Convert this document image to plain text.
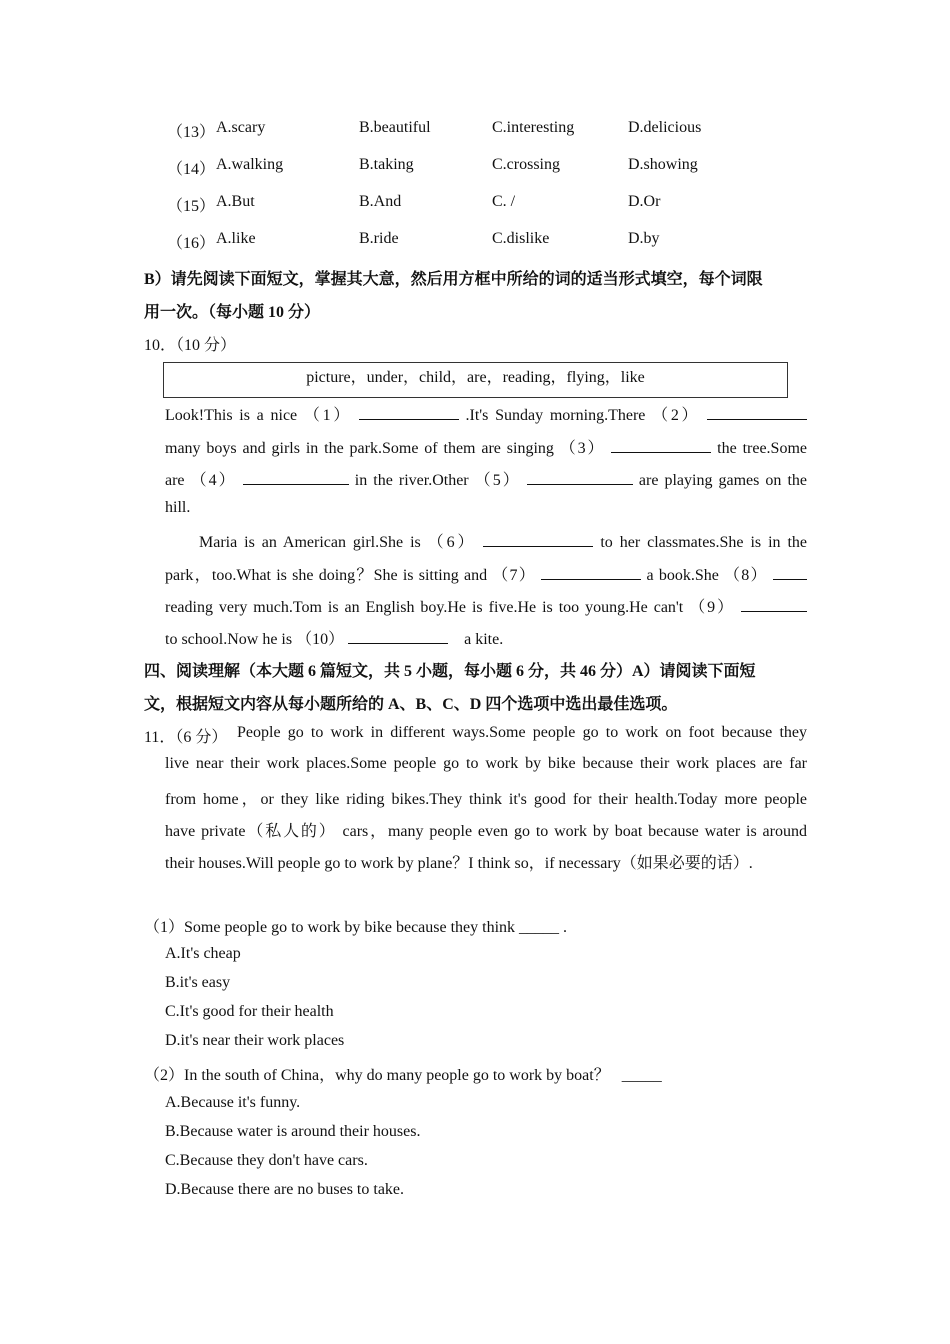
（13） A.scary	B.beautiful	C.interesting	D.delicious
（14） A.walking	B.taking	C.crossing	D.showing
（15） A.But	B.And	C. /	D.Or
（16） A.like	B.ride	C.dislike	D.by
B）请先阅读下面短文，掌握其大意，然后用方框中所给的词的适当形式填空，每个词限
用一次。（每小题 10 分）
10．（10 分）
picture，under，child，are，reading，flying，like
Look!This is a nice （1）	.It's Sunday morning.There （2）
many boys and girls in the park.Some of them are singing （3）	the tree.Some
are （4）	in the river.Other （5）	are playing games on the
hill.
Maria is an American girl.She is （6）	to her classmates.She is in the
park，too.What is she doing？She is sitting and （7）	a book.She （8）
reading very much.Tom is an English boy.He is five.He is too young.He can't （9）
to school.Now he is （10）	a kite.
四、阅读理解（本大题 6 篇短文，共 5 小题，每小题 6 分，共 46 分）A）请阅读下面短
文，根据短文内容从每小题所给的 A、B、C、D 四个选项中选出最佳选项。
11．（6 分） People go to work in different ways.Some people go to work on foot because they
live near their work places.Some people go to work by bike because their work places are far
from home，or they like riding bikes.They think it's good for their health.Today more people
have private（私人的） cars，many people even go to work by boat because water is around
their houses.Will people go to work by plane？I think so，if necessary（如果必要的话）.
（1）Some people go to work by bike because they think _____ .
A.It's cheap
B.it's easy
C.It's good for their health
D.it's near their work places
（2）In the south of China，why do many people go to work by boat？ _____
A.Because it's funny.
B.Because water is around their houses.
C.Because they don't have cars.
D.Because there are no buses to take.
